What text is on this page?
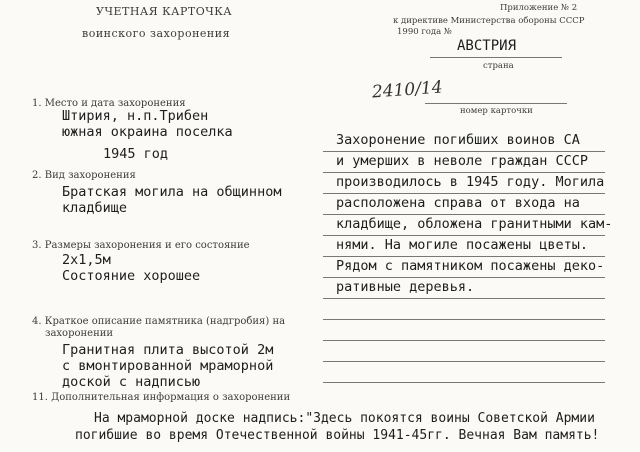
УЧЕТНАЯ КАРТОЧКА
воинского захоронения
Приложение № 2
к директиве Министерства обороны СССР
1990 года №
АВСТРИЯ
страна
2410/14
номер карточки
1. Место и дата захоронения
Штирия, н.п.Трибен
южная окраина поселка
1945 год
2. Вид захоронения
Братская могила на общинном
кладбище
3. Размеры захоронения и его состояние
2х1,5м
Состояние хорошее
4. Краткое описание памятника (надгробия) на
захоронении
Гранитная плита высотой 2м
с вмонтированной мраморной
доской с надписью
11. Дополнительная информация о захоронении
Захоронение погибших воинов СА
и умерших в неволе граждан СССР
производилось в 1945 году. Могила
расположена справа от входа на
кладбище, обложена гранитными кам-
нями. На могиле посажены цветы.
Рядом с памятником посажены деко-
ративные деревья.
На мраморной доске надпись:"Здесь покоятся воины Советской Армии
погибшие во время Отечественной войны 1941-45гг. Вечная Вам память!
